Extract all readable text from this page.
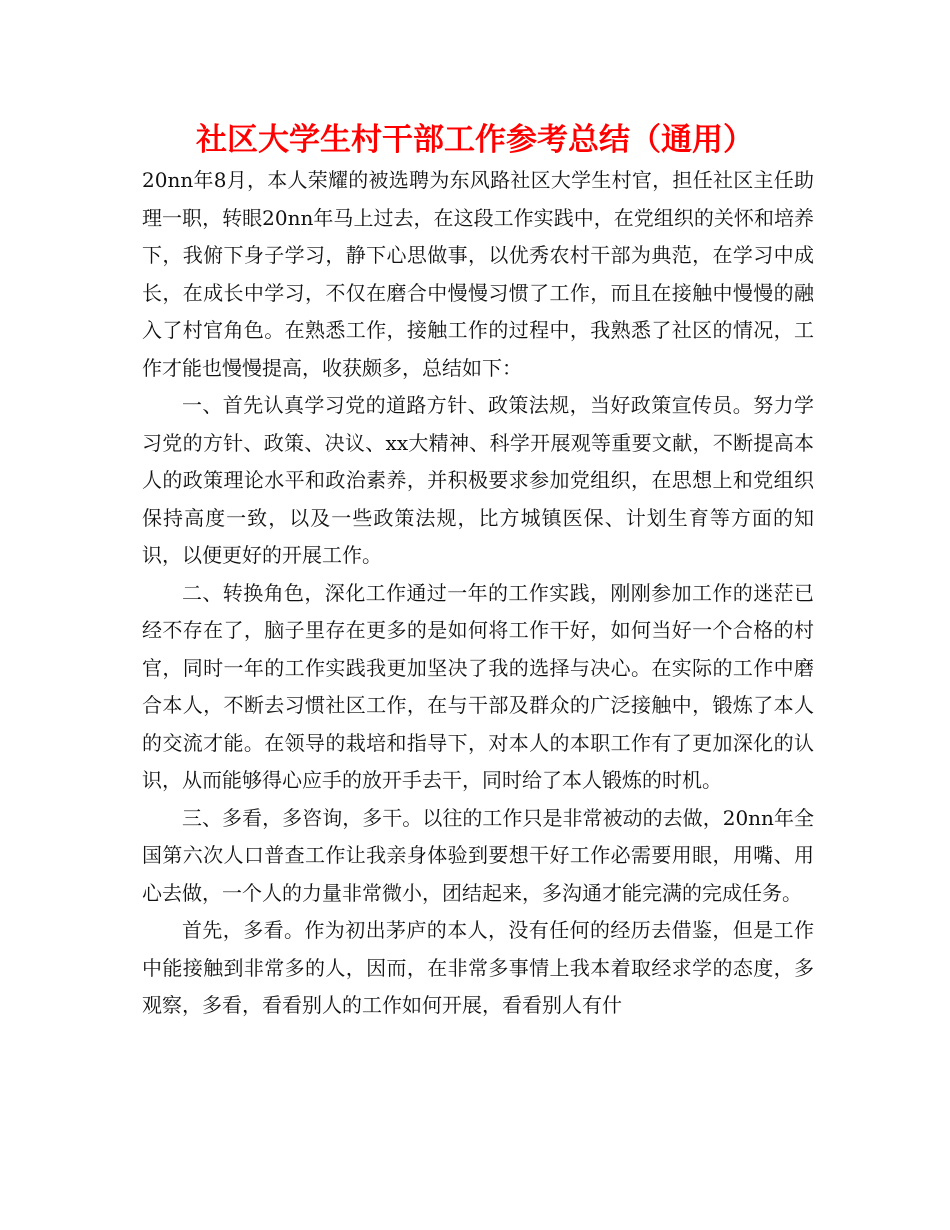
社区大学生村干部工作参考总结（通用）

20nn年8月，本人荣耀的被选聘为东风路社区大学生村官，担任社区主任助理一职，转眼20nn年马上过去，在这段工作实践中，在党组织的关怀和培养下，我俯下身子学习，静下心思做事，以优秀农村干部为典范，在学习中成长，在成长中学习，不仅在磨合中慢慢习惯了工作，而且在接触中慢慢的融入了村官角色。在熟悉工作，接触工作的过程中，我熟悉了社区的情况，工作才能也慢慢提高，收获颇多，总结如下：

一、首先认真学习党的道路方针、政策法规，当好政策宣传员。努力学习党的方针、政策、决议、xx大精神、科学开展观等重要文献，不断提高本人的政策理论水平和政治素养，并积极要求参加党组织，在思想上和党组织保持高度一致，以及一些政策法规，比方城镇医保、计划生育等方面的知识，以便更好的开展工作。

二、转换角色，深化工作通过一年的工作实践，刚刚参加工作的迷茫已经不存在了，脑子里存在更多的是如何将工作干好，如何当好一个合格的村官，同时一年的工作实践我更加坚决了我的选择与决心。在实际的工作中磨合本人，不断去习惯社区工作，在与干部及群众的广泛接触中，锻炼了本人的交流才能。在领导的栽培和指导下，对本人的本职工作有了更加深化的认识，从而能够得心应手的放开手去干，同时给了本人锻炼的时机。

三、多看，多咨询，多干。以往的工作只是非常被动的去做，20nn年全国第六次人口普查工作让我亲身体验到要想干好工作必需要用眼，用嘴、用心去做，一个人的力量非常微小，团结起来，多沟通才能完满的完成任务。

首先，多看。作为初出茅庐的本人，没有任何的经历去借鉴，但是工作中能接触到非常多的人，因而，在非常多事情上我本着取经求学的态度，多观察，多看，看看别人的工作如何开展，看看别人有什
